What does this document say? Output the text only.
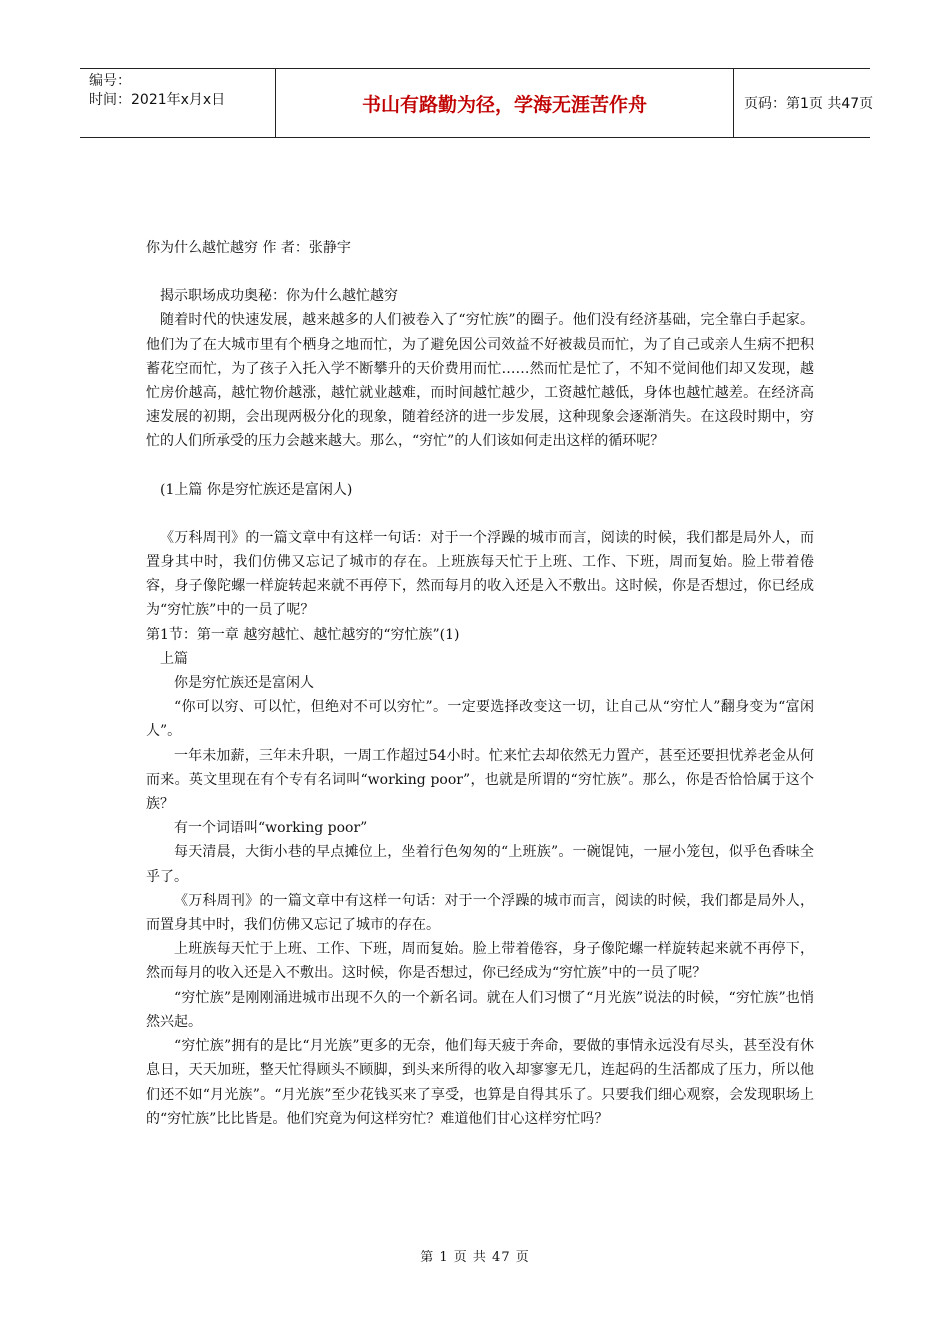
编号：
时间：2021年x月x日	书山有路勤为径，学海无涯苦作舟	页码：第1页 共47页

你为什么越忙越穷 作 者：张静宇

揭示职场成功奥秘：你为什么越忙越穷

随着时代的快速发展，越来越多的人们被卷入了“穷忙族”的圈子。他们没有经济基础，完全靠白手起家。他们为了在大城市里有个栖身之地而忙，为了避免因公司效益不好被裁员而忙，为了自己或亲人生病不把积蓄花空而忙，为了孩子入托入学不断攀升的天价费用而忙……然而忙是忙了，不知不觉间他们却又发现，越忙房价越高，越忙物价越涨，越忙就业越难，而时间越忙越少，工资越忙越低，身体也越忙越差。在经济高速发展的初期，会出现两极分化的现象，随着经济的进一步发展，这种现象会逐渐消失。在这段时期中，穷忙的人们所承受的压力会越来越大。那么，“穷忙”的人们该如何走出这样的循环呢？

(1上篇 你是穷忙族还是富闲人)

《万科周刊》的一篇文章中有这样一句话：对于一个浮躁的城市而言，阅读的时候，我们都是局外人，而置身其中时，我们仿佛又忘记了城市的存在。上班族每天忙于上班、工作、下班，周而复始。脸上带着倦容，身子像陀螺一样旋转起来就不再停下，然而每月的收入还是入不敷出。这时候，你是否想过，你已经成为“穷忙族”中的一员了呢？

第1节：第一章 越穷越忙、越忙越穷的“穷忙族”(1)

上篇

你是穷忙族还是富闲人

“你可以穷、可以忙，但绝对不可以穷忙”。一定要选择改变这一切，让自己从“穷忙人”翻身变为“富闲人”。

一年未加薪，三年未升职，一周工作超过54小时。忙来忙去却依然无力置产，甚至还要担忧养老金从何而来。英文里现在有个专有名词叫“working poor”，也就是所谓的“穷忙族”。那么，你是否恰恰属于这个族？

有一个词语叫“working poor”

每天清晨，大街小巷的早点摊位上，坐着行色匆匆的“上班族”。一碗馄饨，一屉小笼包，似乎色香味全乎了。

《万科周刊》的一篇文章中有这样一句话：对于一个浮躁的城市而言，阅读的时候，我们都是局外人，而置身其中时，我们仿佛又忘记了城市的存在。

上班族每天忙于上班、工作、下班，周而复始。脸上带着倦容，身子像陀螺一样旋转起来就不再停下，然而每月的收入还是入不敷出。这时候，你是否想过，你已经成为“穷忙族”中的一员了呢？

“穷忙族”是刚刚涌进城市出现不久的一个新名词。就在人们习惯了“月光族”说法的时候，“穷忙族”也悄然兴起。

“穷忙族”拥有的是比“月光族”更多的无奈，他们每天疲于奔命，要做的事情永远没有尽头，甚至没有休息日，天天加班，整天忙得顾头不顾脚，到头来所得的收入却寥寥无几，连起码的生活都成了压力，所以他们还不如“月光族”。“月光族”至少花钱买来了享受，也算是自得其乐了。只要我们细心观察，会发现职场上的“穷忙族”比比皆是。他们究竟为何这样穷忙？难道他们甘心这样穷忙吗？

第 1 页 共 47 页
